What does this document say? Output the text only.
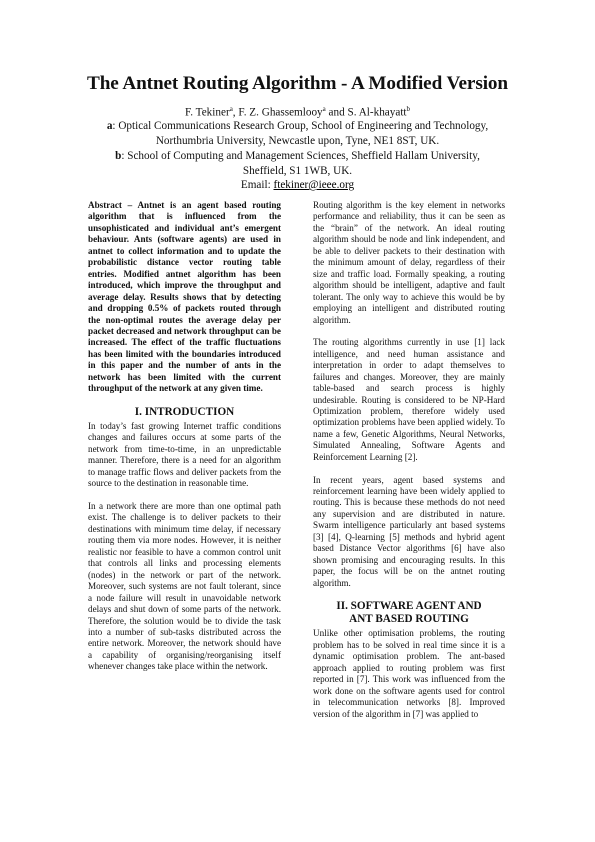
The Antnet Routing Algorithm - A Modified Version
F. Tekiner$^a$, F. Z. Ghassemlooy$^a$ and S. Al-khayatt$^b$
a: Optical Communications Research Group, School of Engineering and Technology,
Northumbria University, Newcastle upon, Tyne, NE1 8ST, UK.
b: School of Computing and Management Sciences, Sheffield Hallam University,
Sheffield, S1 1WB, UK.
Email: ftekiner@ieee.org

Abstract – Antnet is an agent based routing algorithm that is influenced from the unsophisticated and individual ant’s emergent behaviour. Ants (software agents) are used in antnet to collect information and to update the probabilistic distance vector routing table entries. Modified antnet algorithm has been introduced, which improve the throughput and average delay. Results shows that by detecting and dropping 0.5% of packets routed through the non-optimal routes the average delay per packet decreased and network throughput can be increased. The effect of the traffic fluctuations has been limited with the boundaries introduced in this paper and the number of ants in the network has been limited with the current throughput of the network at any given time.

I. INTRODUCTION

In today’s fast growing Internet traffic conditions changes and failures occurs at some parts of the network from time-to-time, in an unpredictable manner. Therefore, there is a need for an algorithm to manage traffic flows and deliver packets from the source to the destination in reasonable time.

In a network there are more than one optimal path exist. The challenge is to deliver packets to their destinations with minimum time delay, if necessary routing them via more nodes. However, it is neither realistic nor feasible to have a common control unit that controls all links and processing elements (nodes) in the network or part of the network. Moreover, such systems are not fault tolerant, since a node failure will result in unavoidable network delays and shut down of some parts of the network. Therefore, the solution would be to divide the task into a number of sub-tasks distributed across the entire network. Moreover, the network should have a capability of organising/reorganising itself whenever changes take place within the network.

Routing algorithm is the key element in networks performance and reliability, thus it can be seen as the “brain” of the network. An ideal routing algorithm should be node and link independent, and be able to deliver packets to their destination with the minimum amount of delay, regardless of their size and traffic load. Formally speaking, a routing algorithm should be intelligent, adaptive and fault tolerant. The only way to achieve this would be by employing an intelligent and distributed routing algorithm.

The routing algorithms currently in use [1] lack intelligence, and need human assistance and interpretation in order to adapt themselves to failures and changes. Moreover, they are mainly table-based and search process is highly undesirable. Routing is considered to be NP-Hard Optimization problem, therefore widely used optimization problems have been applied widely. To name a few, Genetic Algorithms, Neural Networks, Simulated Annealing, Software Agents and Reinforcement Learning [2].

In recent years, agent based systems and reinforcement learning have been widely applied to routing. This is because these methods do not need any supervision and are distributed in nature. Swarm intelligence particularly ant based systems [3] [4], Q-learning [5] methods and hybrid agent based Distance Vector algorithms [6] have also shown promising and encouraging results. In this paper, the focus will be on the antnet routing algorithm.

II. SOFTWARE AGENT AND
ANT BASED ROUTING

Unlike other optimisation problems, the routing problem has to be solved in real time since it is a dynamic optimisation problem. The ant-based approach applied to routing problem was first reported in [7]. This work was influenced from the work done on the software agents used for control in telecommunication networks [8]. Improved version of the algorithm in [7] was applied to
